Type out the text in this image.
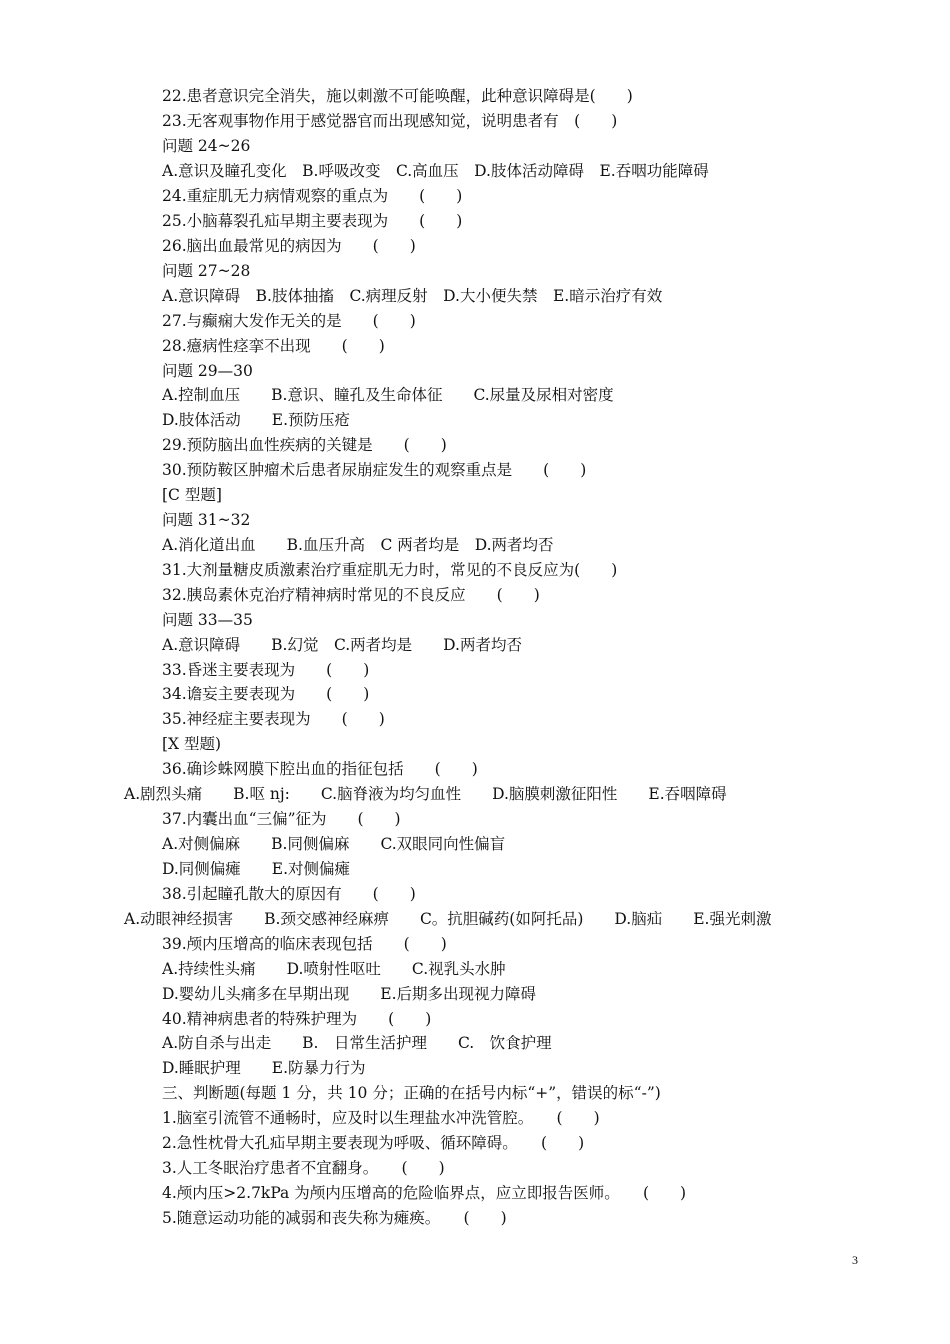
22.患者意识完全消失，施以刺激不可能唤醒，此种意识障碍是(　　)
23.无客观事物作用于感觉器官而出现感知觉，说明患者有　(　　)
问题 24~26
A.意识及瞳孔变化　B.呼吸改变　C.高血压　D.肢体活动障碍　E.吞咽功能障碍
24.重症肌无力病情观察的重点为　　(　　)
25.小脑幕裂孔疝早期主要表现为　　(　　)
26.脑出血最常见的病因为　　(　　)
问题 27~28
A.意识障碍　B.肢体抽搐　C.病理反射　D.大小便失禁　E.暗示治疗有效
27.与癫痫大发作无关的是　　(　　)
28.癔病性痉挛不出现　　(　　)
问题 29—30
A.控制血压　　B.意识、瞳孔及生命体征　　C.尿量及尿相对密度
D.肢体活动　　E.预防压疮
29.预防脑出血性疾病的关键是　　(　　)
30.预防鞍区肿瘤术后患者尿崩症发生的观察重点是　　(　　)
[C 型题]
问题 31~32
A.消化道出血　　B.血压升高　C 两者均是　D.两者均否
31.大剂量糖皮质激素治疗重症肌无力时，常见的不良反应为(　　)
32.胰岛素休克治疗精神病时常见的不良反应　　(　　)
问题 33—35
A.意识障碍　　B.幻觉　C.两者均是　　D.两者均否
33.昏迷主要表现为　　(　　)
34.谵妄主要表现为　　(　　)
35.神经症主要表现为　　(　　)
[X 型题)
36.确诊蛛网膜下腔出血的指征包括　　(　　)
A.剧烈头痛　　B.呕 nj:　　C.脑脊液为均匀血性　　D.脑膜刺激征阳性　　E.吞咽障碍
37.内囊出血“三偏”征为　　(　　)
A.对侧偏麻　　B.同侧偏麻　　C.双眼同向性偏盲
D.同侧偏瘫　　E.对侧偏瘫
38.引起瞳孔散大的原因有　　(　　)
A.动眼神经损害　　B.颈交感神经麻痹　　C。抗胆碱药(如阿托品)　　D.脑疝　　E.强光刺激
39.颅内压增高的临床表现包括　　(　　)
A.持续性头痛　　D.喷射性呕吐　　C.视乳头水肿
D.婴幼儿头痛多在早期出现　　E.后期多出现视力障碍
40.精神病患者的特殊护理为　　(　　)
A.防自杀与出走　　B.　日常生活护理　　C.　饮食护理
D.睡眠护理　　E.防暴力行为
三、判断题(每题 1 分，共 10 分；正确的在括号内标“+”，错误的标“-”)
1.脑室引流管不通畅时，应及时以生理盐水冲洗管腔。　　(　　)
2.急性枕骨大孔疝早期主要表现为呼吸、循环障碍。　　(　　)
3.人工冬眠治疗患者不宜翻身。　　(　　)
4.颅内压>2.7kPa 为颅内压增高的危险临界点，应立即报告医师。　　(　　)
5.随意运动功能的减弱和丧失称为瘫痪。　　(　　)
3
